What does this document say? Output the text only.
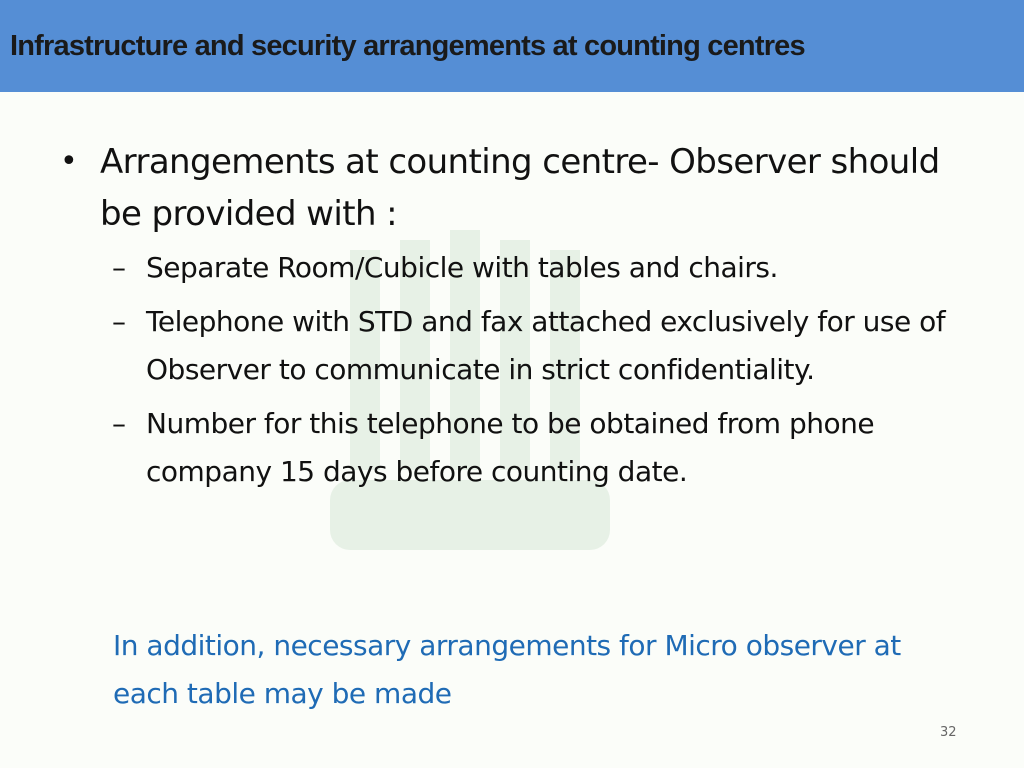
Infrastructure and security arrangements at counting centres
• Arrangements at counting centre- Observer should be provided with :
– Separate Room/Cubicle with tables and chairs.
– Telephone with STD and fax attached exclusively for use of Observer to communicate in strict confidentiality.
– Number for this telephone to be obtained from phone company 15 days before counting date.
In addition, necessary arrangements for Micro observer at each table may be made
32
